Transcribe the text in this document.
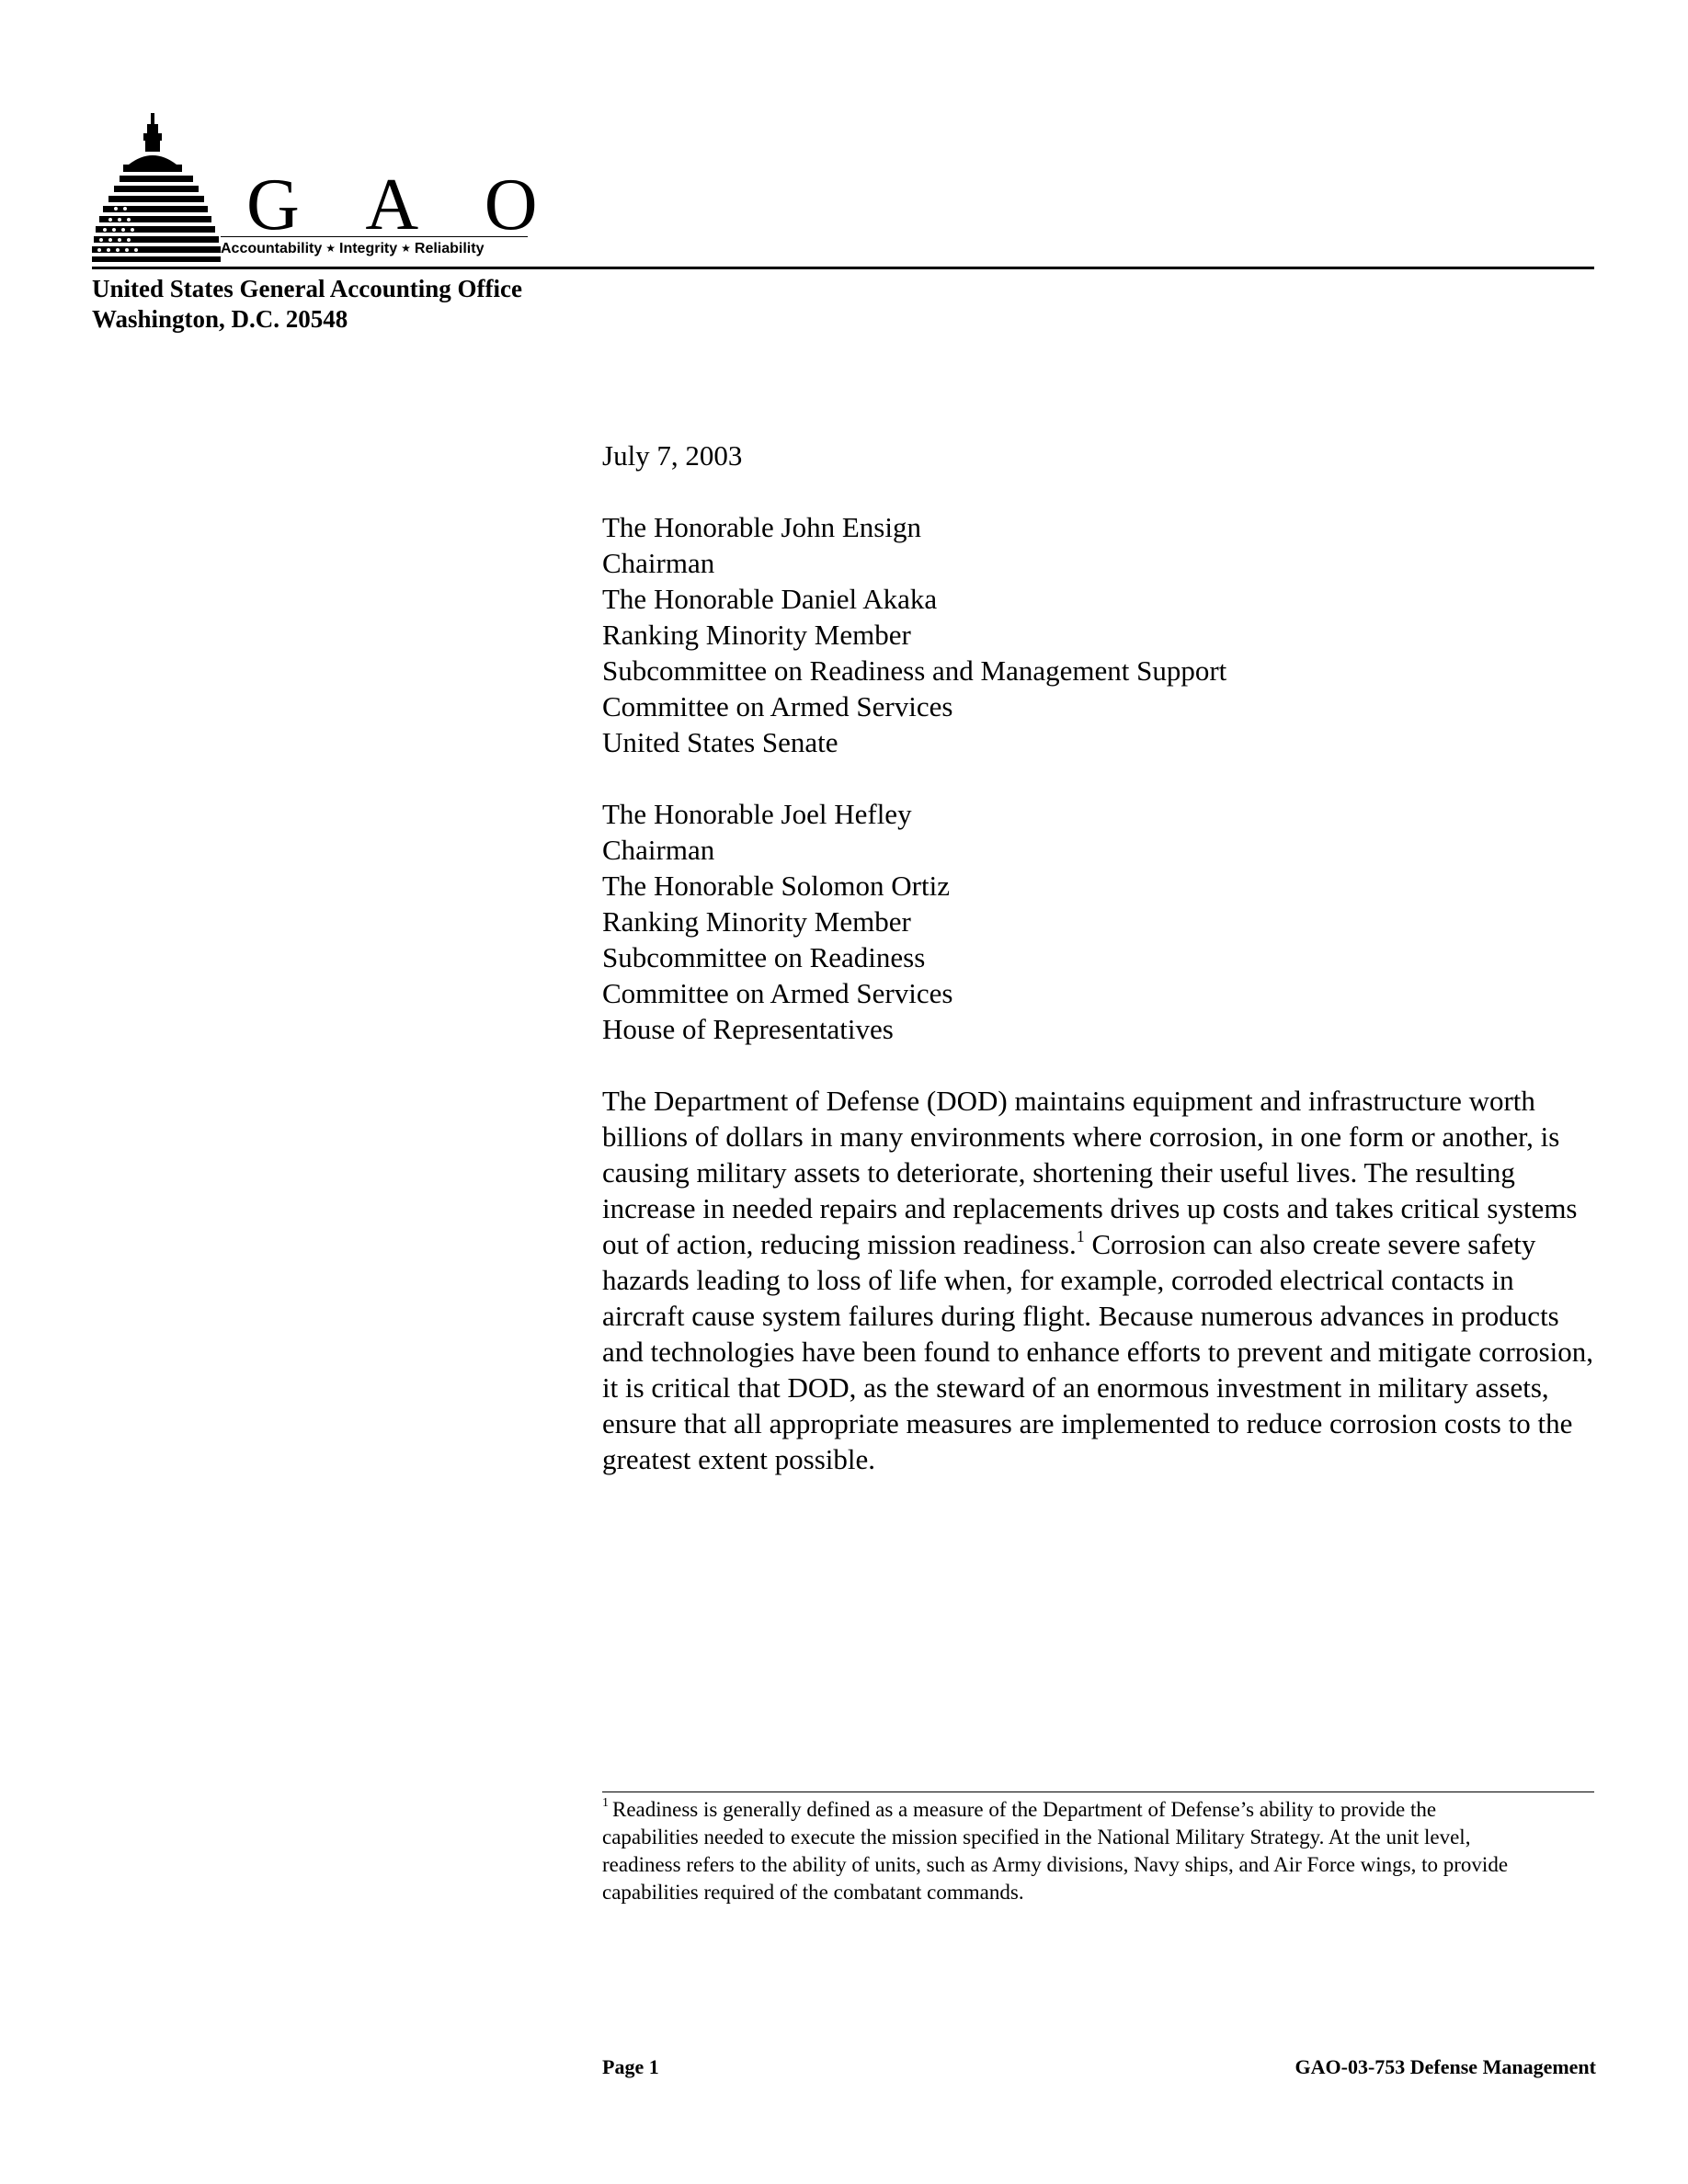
G A O
Accountability ★ Integrity ★ Reliability
United States General Accounting Office
Washington, D.C. 20548

July 7, 2003

The Honorable John Ensign
Chairman
The Honorable Daniel Akaka
Ranking Minority Member
Subcommittee on Readiness and Management Support
Committee on Armed Services
United States Senate
The Honorable Joel Hefley
Chairman
The Honorable Solomon Ortiz
Ranking Minority Member
Subcommittee on Readiness
Committee on Armed Services
House of Representatives

The Department of Defense (DOD) maintains equipment and infrastructure worth billions of dollars in many environments where corrosion, in one form or another, is causing military assets to deteriorate, shortening their useful lives. The resulting increase in needed repairs and replacements drives up costs and takes critical systems out of action, reducing mission readiness.$^1$ Corrosion can also create severe safety hazards leading to loss of life when, for example, corroded electrical contacts in aircraft cause system failures during flight. Because numerous advances in products and technologies have been found to enhance efforts to prevent and mitigate corrosion, it is critical that DOD, as the steward of an enormous investment in military assets, ensure that all appropriate measures are implemented to reduce corrosion costs to the greatest extent possible.

$^1$ Readiness is generally defined as a measure of the Department of Defense’s ability to provide the capabilities needed to execute the mission specified in the National Military Strategy. At the unit level, readiness refers to the ability of units, such as Army divisions, Navy ships, and Air Force wings, to provide capabilities required of the combatant commands.
Page 1	GAO-03-753 Defense Management
